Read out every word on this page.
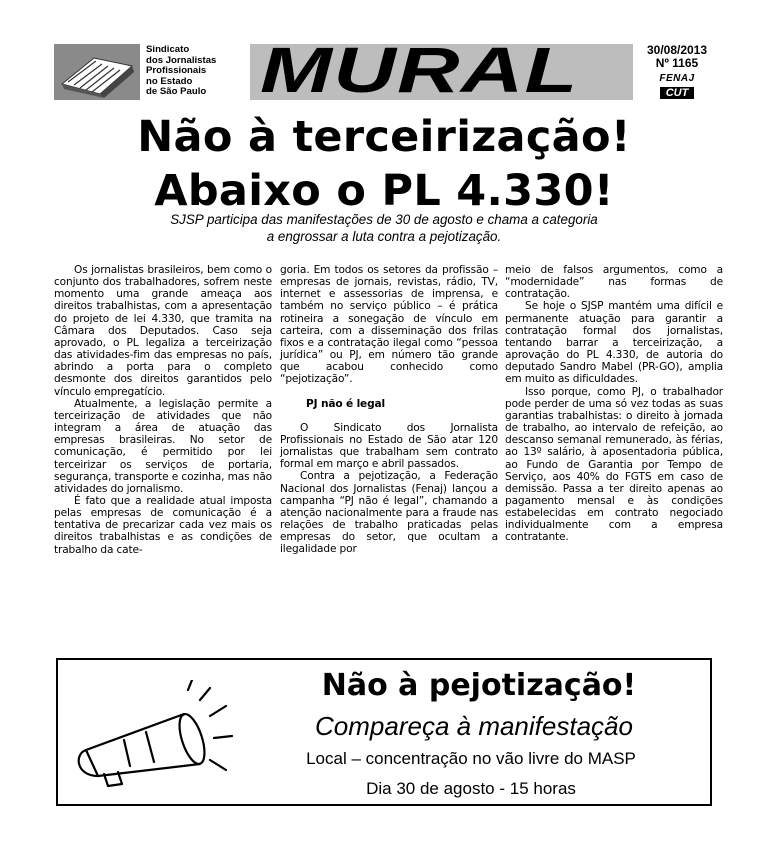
Sindicato
dos Jornalistas
Profissionais
no Estado
de São Paulo MURAL	30/08/2013
Nº 1165
FENAJ
CUT
Não à terceirização!
Abaixo o PL 4.330!
SJSP participa das manifestações de 30 de agosto e chama a categoria
a engrossar a luta contra a pejotização.

Os jornalistas brasileiros, bem como o conjunto dos trabalhadores, sofrem neste momento uma grande ameaça aos direitos trabalhistas, com a apresentação do projeto de lei 4.330, que tramita na Câmara dos Deputados. Caso seja aprovado, o PL legaliza a terceirização das atividades-fim das empresas no país, abrindo a porta para o completo desmonte dos direitos garantidos pelo vínculo empregatício.

Atualmente, a legislação permite a terceirização de atividades que não integram a área de atuação das empresas brasileiras. No setor de comunicação, é permitido por lei terceirizar os serviços de portaria, segurança, transporte e cozinha, mas não atividades do jornalismo.

É fato que a realidade atual imposta pelas empresas de comunicação é a tentativa de precarizar cada vez mais os direitos trabalhistas e as condições de trabalho da cate-

goria. Em todos os setores da profissão – empresas de jornais, revistas, rádio, TV, internet e assessorias de imprensa, e também no serviço público – é prática rotineira a sonegação de vínculo em carteira, com a disseminação dos frilas fixos e a contratação ilegal como “pessoa jurídica” ou PJ, em número tão grande que acabou conhecido como “pejotização”.

PJ não é legal

O Sindicato dos Jornalista Profissionais no Estado de São atar 120 jornalistas que trabalham sem contrato formal em março e abril passados.

Contra a pejotização, a Federação Nacional dos Jornalistas (Fenaj) lançou a campanha “PJ não é legal”, chamando a atenção nacionalmente para a fraude nas relações de trabalho praticadas pelas empresas do setor, que ocultam a ilegalidade por

meio de falsos argumentos, como a “modernidade” nas formas de contratação.

Se hoje o SJSP mantém uma difícil e permanente atuação para garantir a contratação formal dos jornalistas, tentando barrar a terceirização, a aprovação do PL 4.330, de autoria do deputado Sandro Mabel (PR-GO), amplia em muito as dificuldades.

Isso porque, como PJ, o trabalhador pode perder de uma só vez todas as suas garantias trabalhistas: o direito à jornada de trabalho, ao intervalo de refeição, ao descanso semanal remunerado, às férias, ao 13º salário, à aposentadoria pública, ao Fundo de Garantia por Tempo de Serviço, aos 40% do FGTS em caso de demissão. Passa a ter direito apenas ao pagamento mensal e às condições estabelecidas em contrato negociado individualmente com a empresa contratante.

Não à pejotização!
Compareça à manifestação
Local – concentração no vão livre do MASP
Dia 30 de agosto - 15 horas
